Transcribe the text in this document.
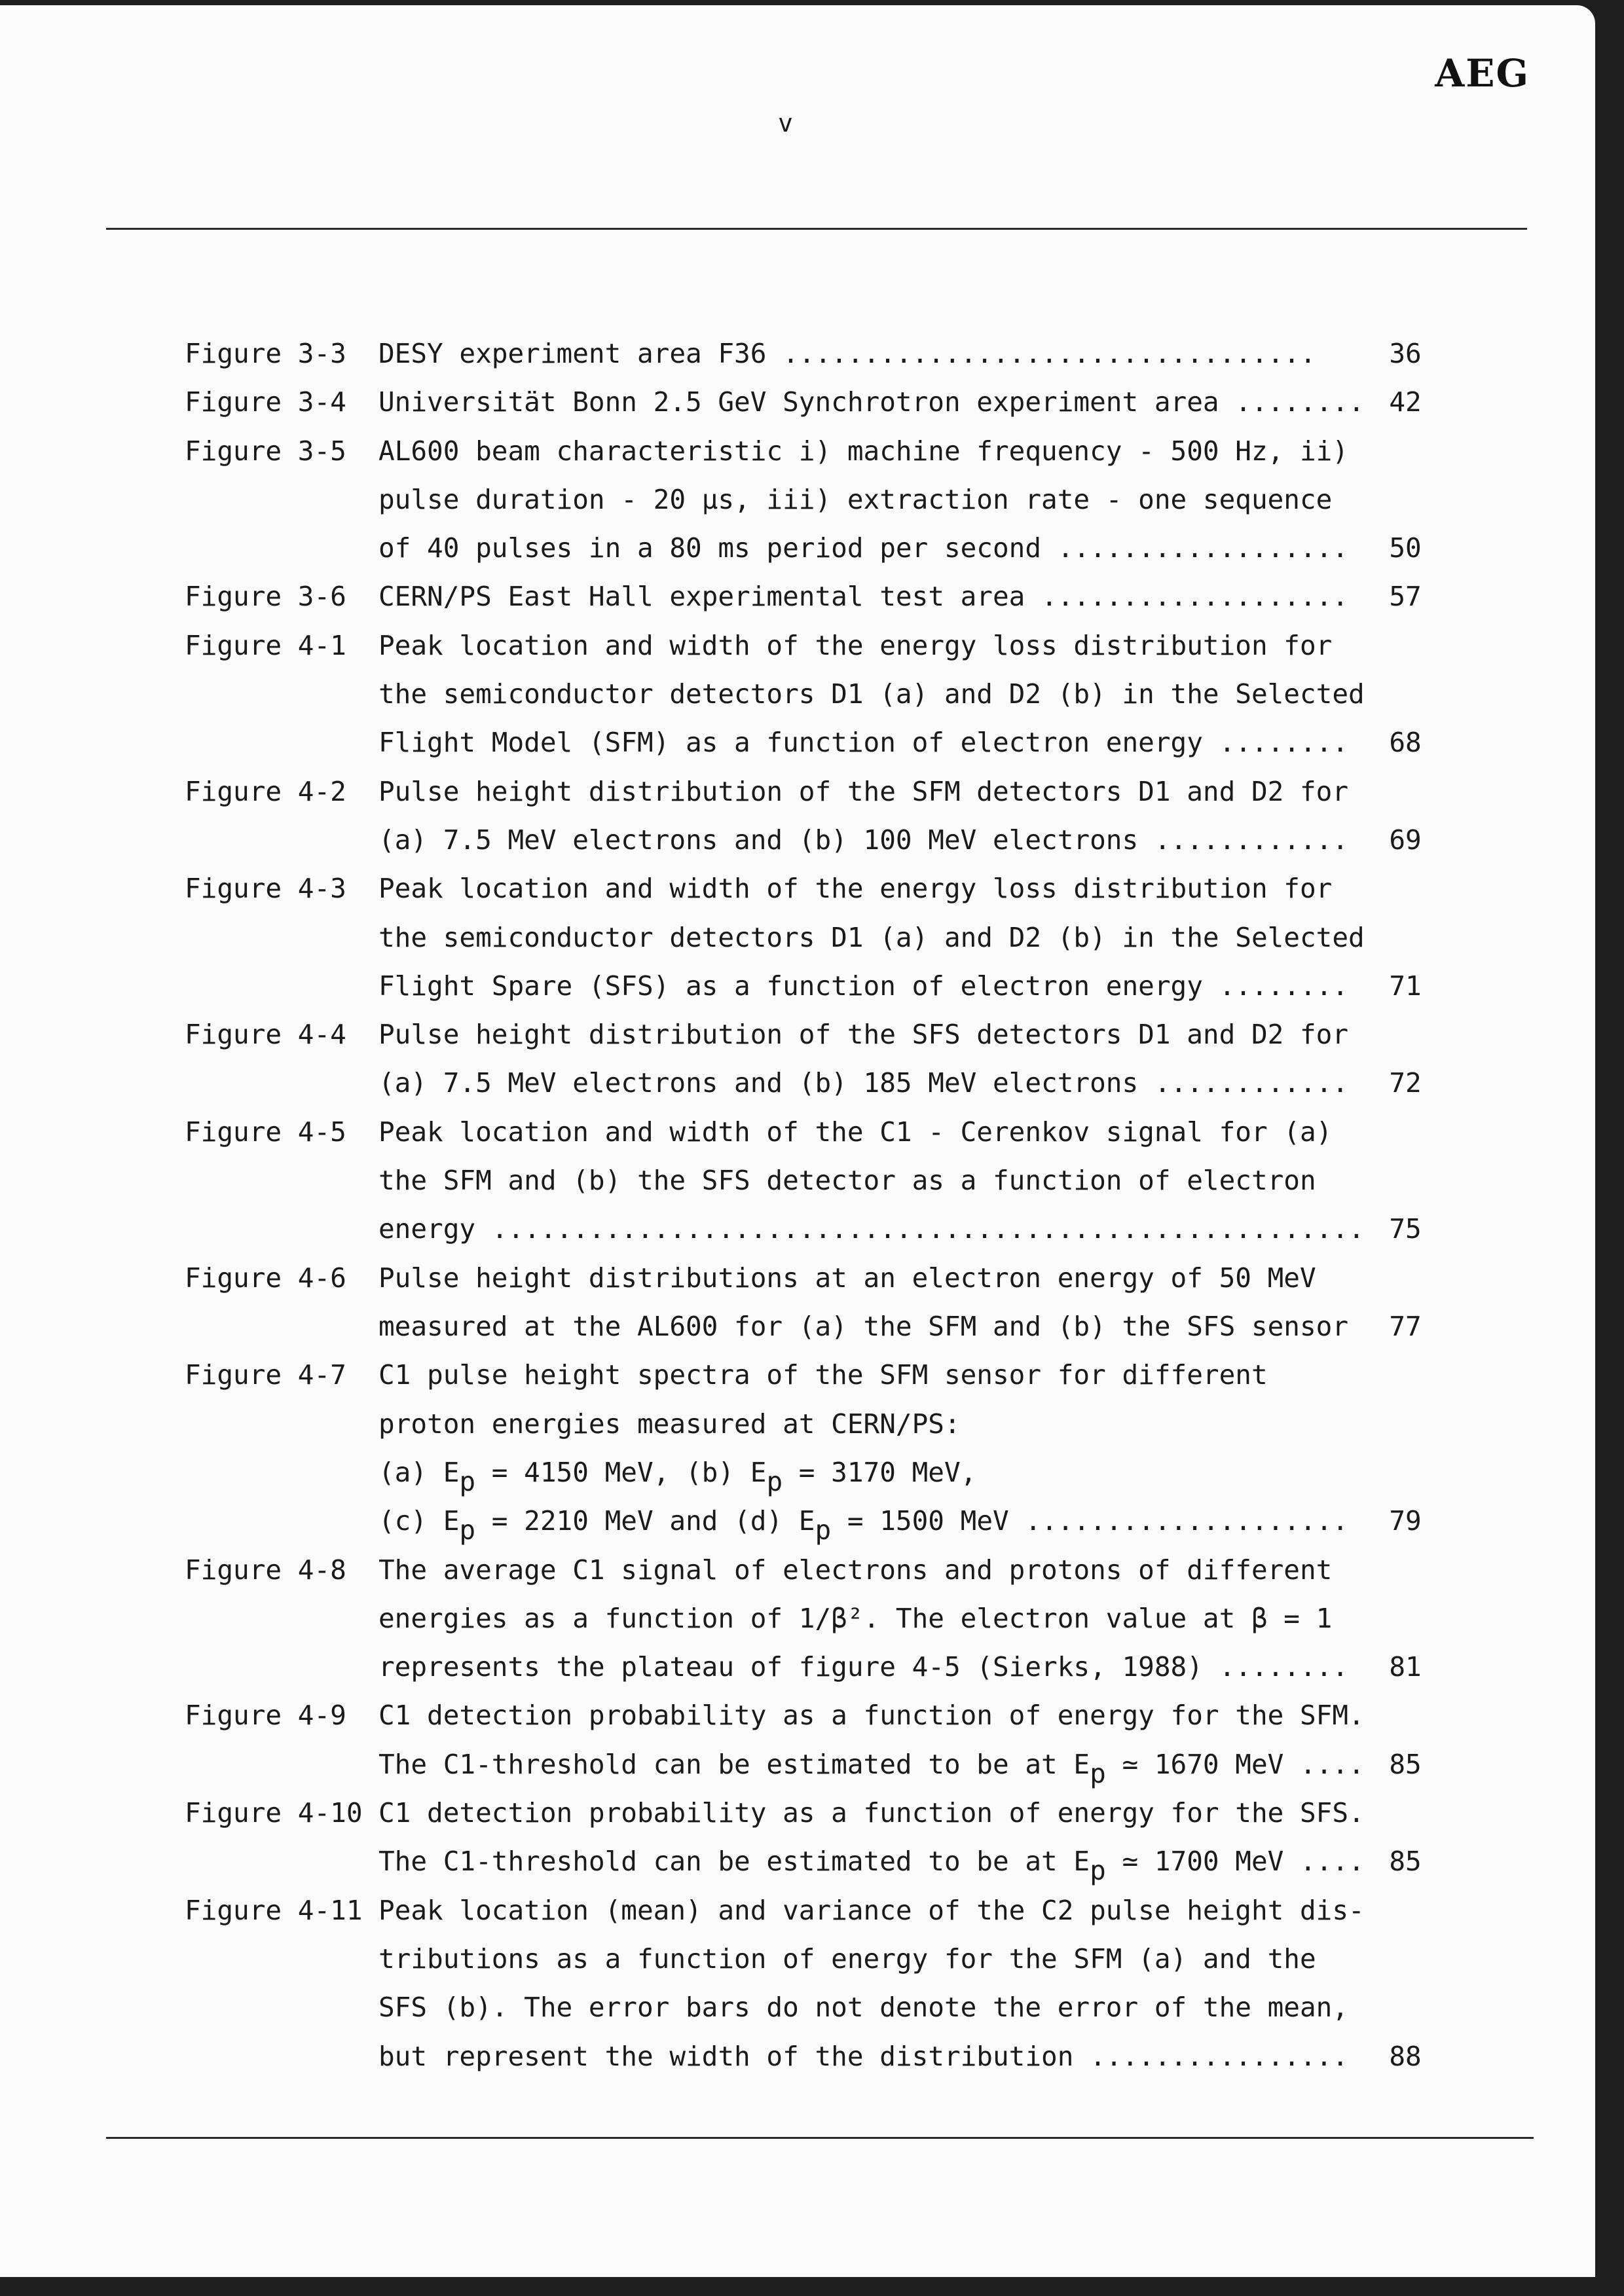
AEG
v
Figure 3-3 DESY experiment area F36 .................................	36
Figure 3-4 Universität Bonn 2.5 GeV Synchrotron experiment area ........ 42
Figure 3-5 AL600 beam characteristic i) machine frequency - 500 Hz, ii)
pulse duration - 20 µs, iii) extraction rate - one sequence
of 40 pulses in a 80 ms period per second .................. 50
Figure 3-6 CERN/PS East Hall experimental test area ................... 57
Figure 4-1 Peak location and width of the energy loss distribution for
the semiconductor detectors D1 (a) and D2 (b) in the Selected
Flight Model (SFM) as a function of electron energy ........ 68
Figure 4-2 Pulse height distribution of the SFM detectors D1 and D2 for
(a) 7.5 MeV electrons and (b) 100 MeV electrons ............ 69
Figure 4-3 Peak location and width of the energy loss distribution for
the semiconductor detectors D1 (a) and D2 (b) in the Selected
Flight Spare (SFS) as a function of electron energy ........ 71
Figure 4-4 Pulse height distribution of the SFS detectors D1 and D2 for
(a) 7.5 MeV electrons and (b) 185 MeV electrons ............ 72
Figure 4-5 Peak location and width of the C1 - Cerenkov signal for (a)
the SFM and (b) the SFS detector as a function of electron
energy ...................................................... 75
Figure 4-6 Pulse height distributions at an electron energy of 50 MeV
measured at the AL600 for (a) the SFM and (b) the SFS sensor 77
Figure 4-7 C1 pulse height spectra of the SFM sensor for different
proton energies measured at CERN/PS:
(a) $E_p = 4150$ MeV, (b) $E_p = 3170$ MeV,
(c) $E_p = 2210$ MeV and (d) $E_p = 1500$ MeV .................... 79
Figure 4-8 The average C1 signal of electrons and protons of different
energies as a function of 1/β². The electron value at β = 1
represents the plateau of figure 4-5 (Sierks, 1988) ........ 81
Figure 4-9 C1 detection probability as a function of energy for the SFM.
The C1-threshold can be estimated to be at $E_p$ ≃ 1670 MeV .... 85
Figure 4-10 C1 detection probability as a function of energy for the SFS.
The C1-threshold can be estimated to be at $E_p$ ≃ 1700 MeV .... 85
Figure 4-11 Peak location (mean) and variance of the C2 pulse height dis-
tributions as a function of energy for the SFM (a) and the
SFS (b). The error bars do not denote the error of the mean,
but represent the width of the distribution ................ 88
